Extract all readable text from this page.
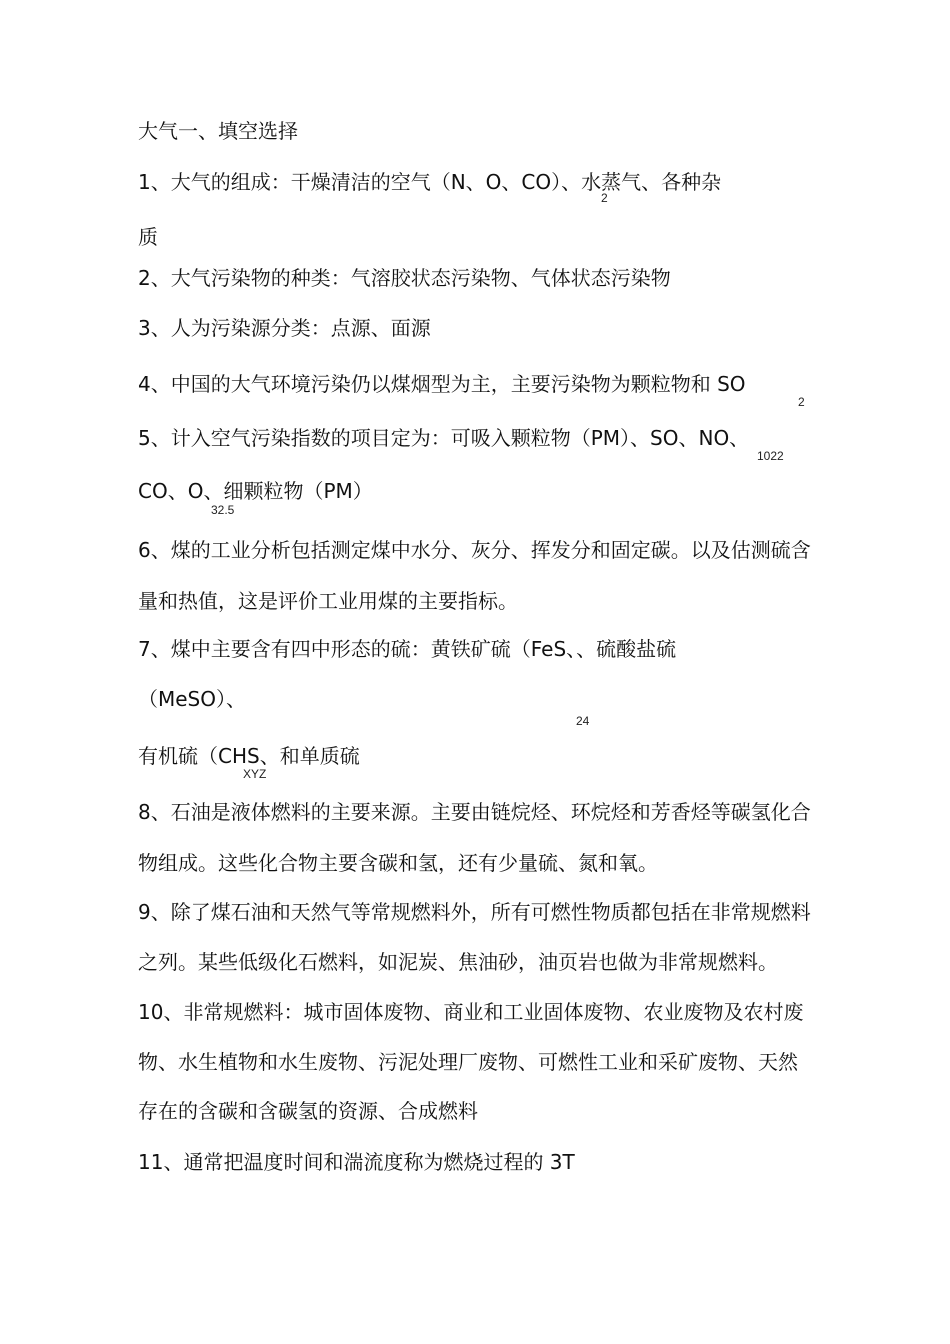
大气一、填空选择
1、大气的组成：干燥清洁的空气（N、O、CO）、水蒸气、各种杂
2
质
2、大气污染物的种类：气溶胶状态污染物、气体状态污染物
3、人为污染源分类：点源、面源
4、中国的大气环境污染仍以煤烟型为主，主要污染物为颗粒物和 SO
2
5、计入空气污染指数的项目定为：可吸入颗粒物（PM）、SO、NO、
1022
CO、O、细颗粒物（PM）
32.5
6、煤的工业分析包括测定煤中水分、灰分、挥发分和固定碳。以及估测硫含
量和热值，这是评价工业用煤的主要指标。
7、煤中主要含有四中形态的硫：黄铁矿硫（FeS、、硫酸盐硫
（MeSO）、
24
有机硫（CHS、和单质硫
XYZ
8、石油是液体燃料的主要来源。主要由链烷烃、环烷烃和芳香烃等碳氢化合
物组成。这些化合物主要含碳和氢，还有少量硫、氮和氧。
9、除了煤石油和天然气等常规燃料外，所有可燃性物质都包括在非常规燃料
之列。某些低级化石燃料，如泥炭、焦油砂，油页岩也做为非常规燃料。
10、非常规燃料：城市固体废物、商业和工业固体废物、农业废物及农村废
物、水生植物和水生废物、污泥处理厂废物、可燃性工业和采矿废物、天然
存在的含碳和含碳氢的资源、合成燃料
11、通常把温度时间和湍流度称为燃烧过程的 3T
